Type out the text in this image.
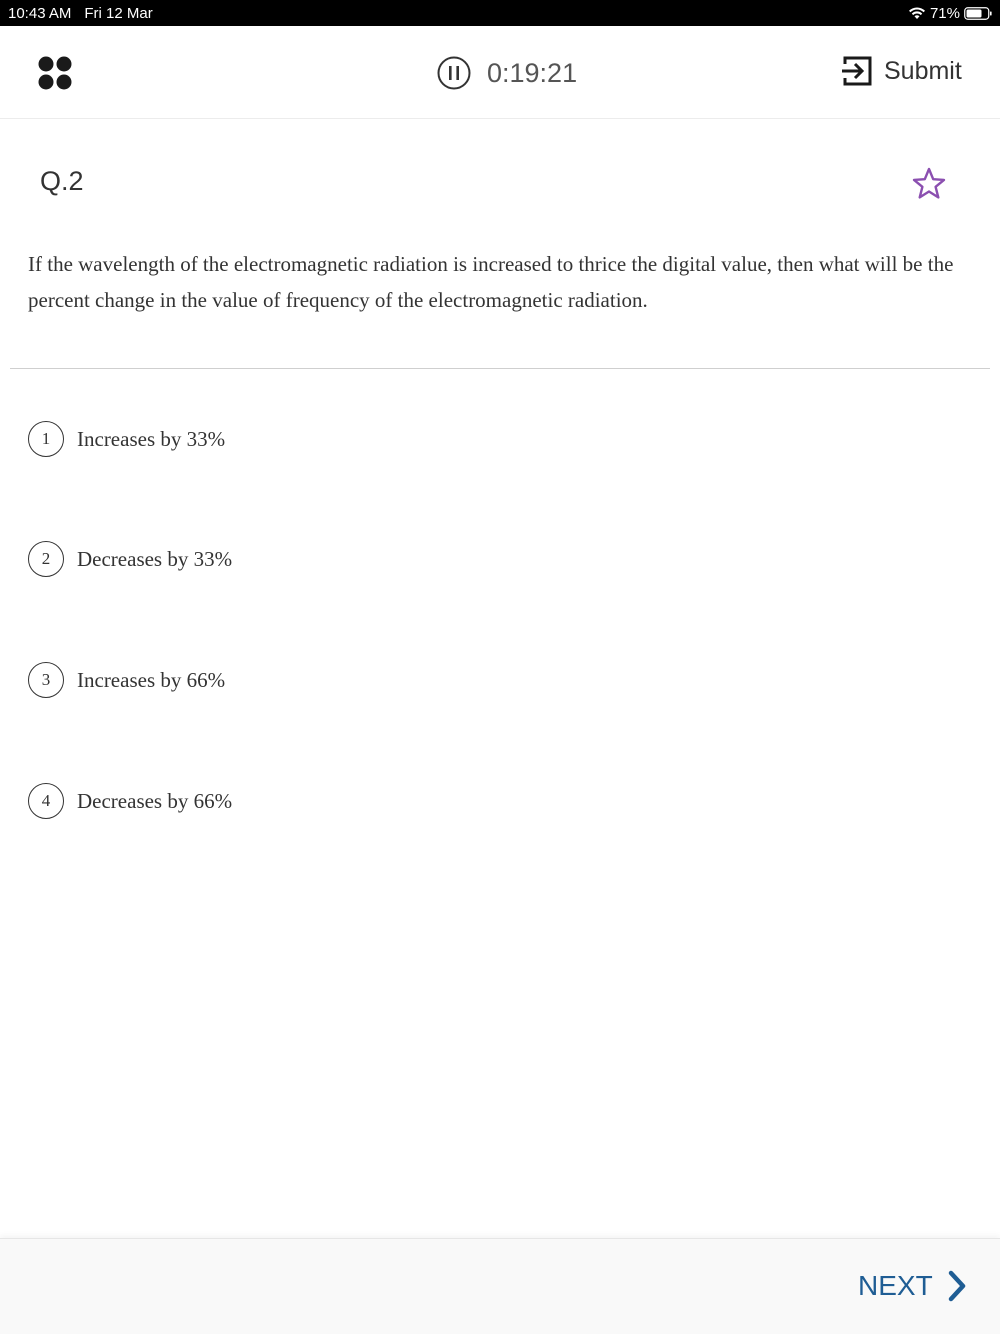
10:43 AM Fri 12 Mar	71%
0:19:21	Submit
Q.2
If the wavelength of the electromagnetic radiation is increased to thrice the digital value, then what will be the percent change in the value of frequency of the electromagnetic radiation.
1	Increases by 33%
2	Decreases by 33%
3	Increases by 66%
4	Decreases by 66%
NEXT
